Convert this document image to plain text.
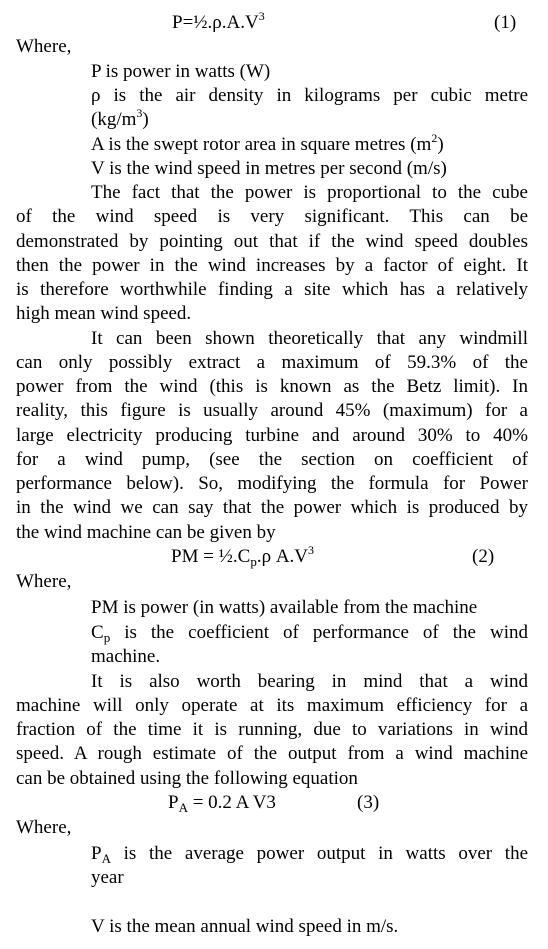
$P=\frac{1}{2}.\rho.A.V^3$	(1)
Where,
P is power in watts (W)
ρ is the air density in kilograms per cubic metre
$(kg/m^3)$
A is the swept rotor area in square metres $(m^2)$
V is the wind speed in metres per second (m/s)
The fact that the power is proportional to the cube
of the wind speed is very significant. This can be
demonstrated by pointing out that if the wind speed doubles
then the power in the wind increases by a factor of eight. It
is therefore worthwhile finding a site which has a relatively
high mean wind speed.
It can been shown theoretically that any windmill
can only possibly extract a maximum of 59.3% of the
power from the wind (this is known as the Betz limit). In
reality, this figure is usually around 45% (maximum) for a
large electricity producing turbine and around 30% to 40%
for a wind pump, (see the section on coefficient of
performance below). So, modifying the formula for Power
in the wind we can say that the power which is produced by
the wind machine can be given by
PM = $\frac{1}{2}.C_p.\rho$ $A.V^3$	(2)
Where,
PM is power (in watts) available from the machine
$C_p$ is the coefficient of performance of the wind
machine.
It is also worth bearing in mind that a wind
machine will only operate at its maximum efficiency for a
fraction of the time it is running, due to variations in wind
speed. A rough estimate of the output from a wind machine
can be obtained using the following equation
$P_A = 0.2$ A V3	(3)
Where,
$P_A$ is the average power output in watts over the
year
V is the mean annual wind speed in m/s.
